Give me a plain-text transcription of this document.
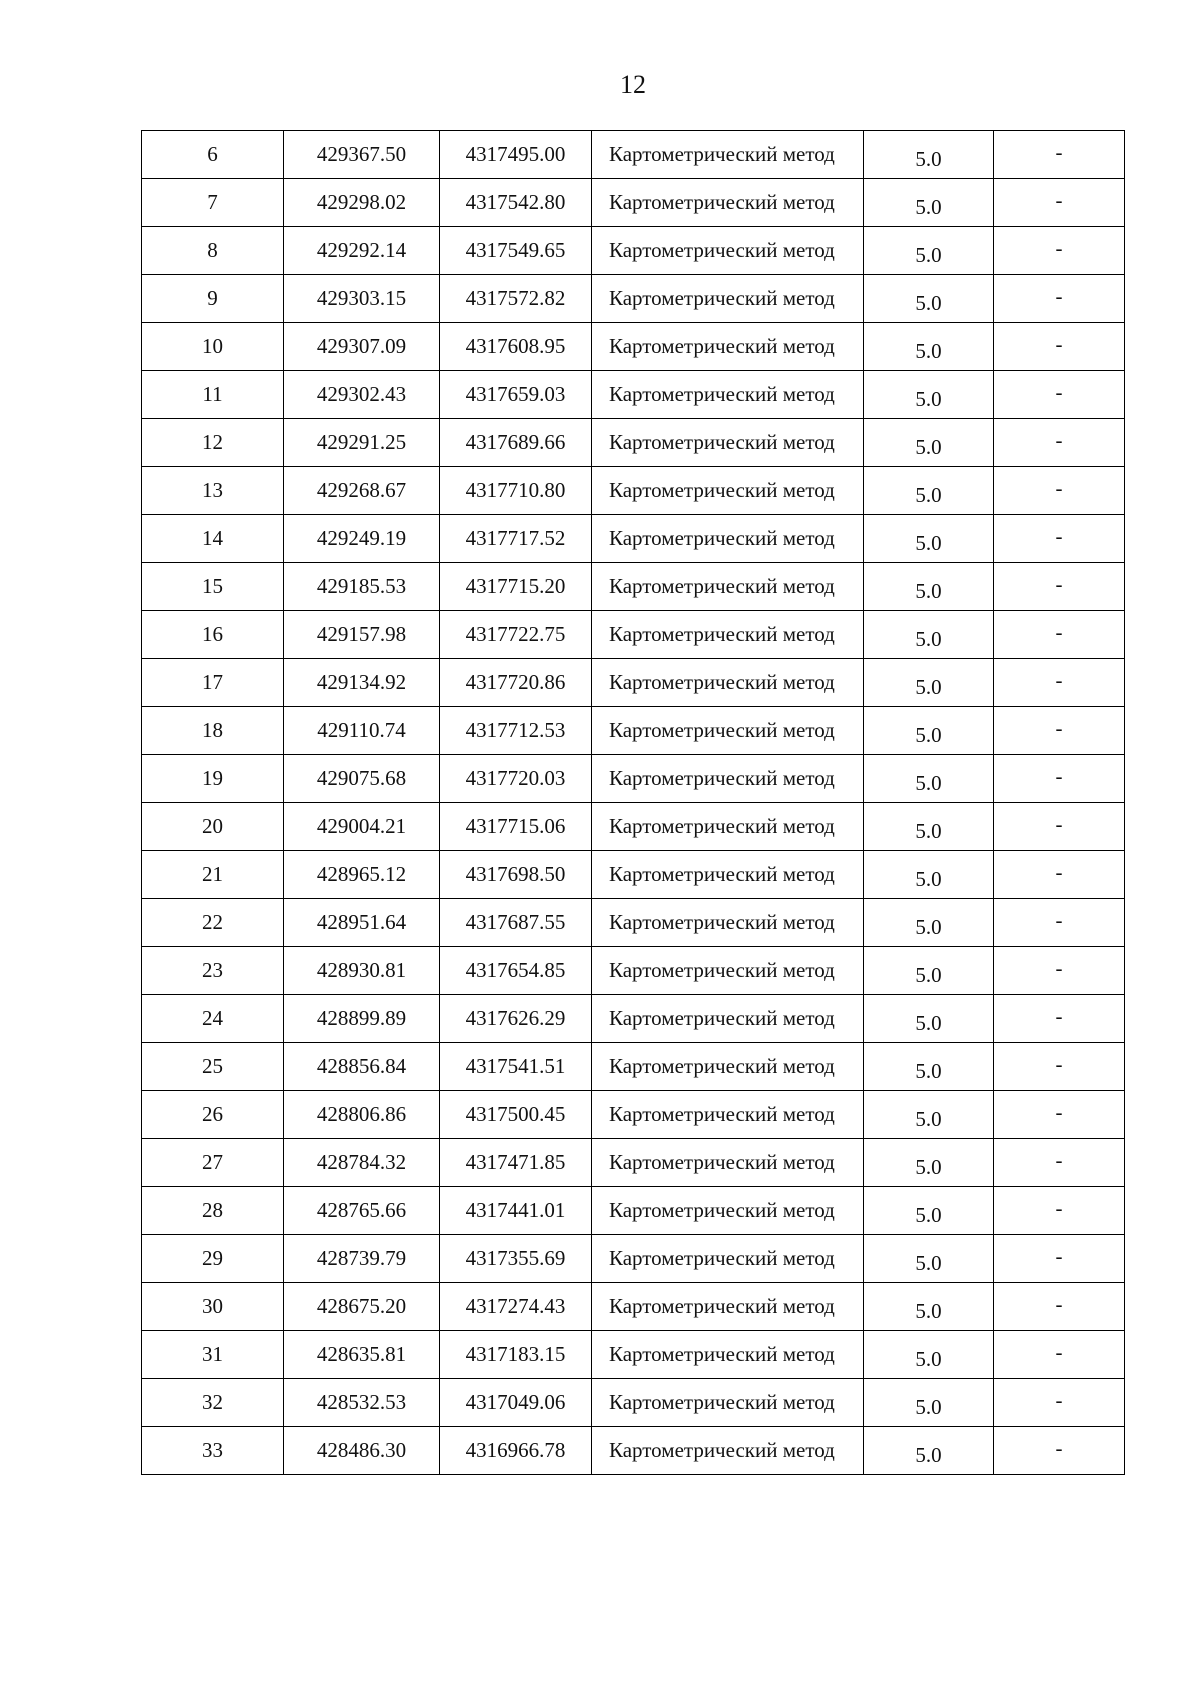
12
6	429367.50	4317495.00	Картометрический метод	5.0	-
7	429298.02	4317542.80	Картометрический метод	5.0	-
8	429292.14	4317549.65	Картометрический метод	5.0	-
9	429303.15	4317572.82	Картометрический метод	5.0	-
10	429307.09	4317608.95	Картометрический метод	5.0	-
11	429302.43	4317659.03	Картометрический метод	5.0	-
12	429291.25	4317689.66	Картометрический метод	5.0	-
13	429268.67	4317710.80	Картометрический метод	5.0	-
14	429249.19	4317717.52	Картометрический метод	5.0	-
15	429185.53	4317715.20	Картометрический метод	5.0	-
16	429157.98	4317722.75	Картометрический метод	5.0	-
17	429134.92	4317720.86	Картометрический метод	5.0	-
18	429110.74	4317712.53	Картометрический метод	5.0	-
19	429075.68	4317720.03	Картометрический метод	5.0	-
20	429004.21	4317715.06	Картометрический метод	5.0	-
21	428965.12	4317698.50	Картометрический метод	5.0	-
22	428951.64	4317687.55	Картометрический метод	5.0	-
23	428930.81	4317654.85	Картометрический метод	5.0	-
24	428899.89	4317626.29	Картометрический метод	5.0	-
25	428856.84	4317541.51	Картометрический метод	5.0	-
26	428806.86	4317500.45	Картометрический метод	5.0	-
27	428784.32	4317471.85	Картометрический метод	5.0	-
28	428765.66	4317441.01	Картометрический метод	5.0	-
29	428739.79	4317355.69	Картометрический метод	5.0	-
30	428675.20	4317274.43	Картометрический метод	5.0	-
31	428635.81	4317183.15	Картометрический метод	5.0	-
32	428532.53	4317049.06	Картометрический метод	5.0	-
33	428486.30	4316966.78	Картометрический метод	5.0	-
